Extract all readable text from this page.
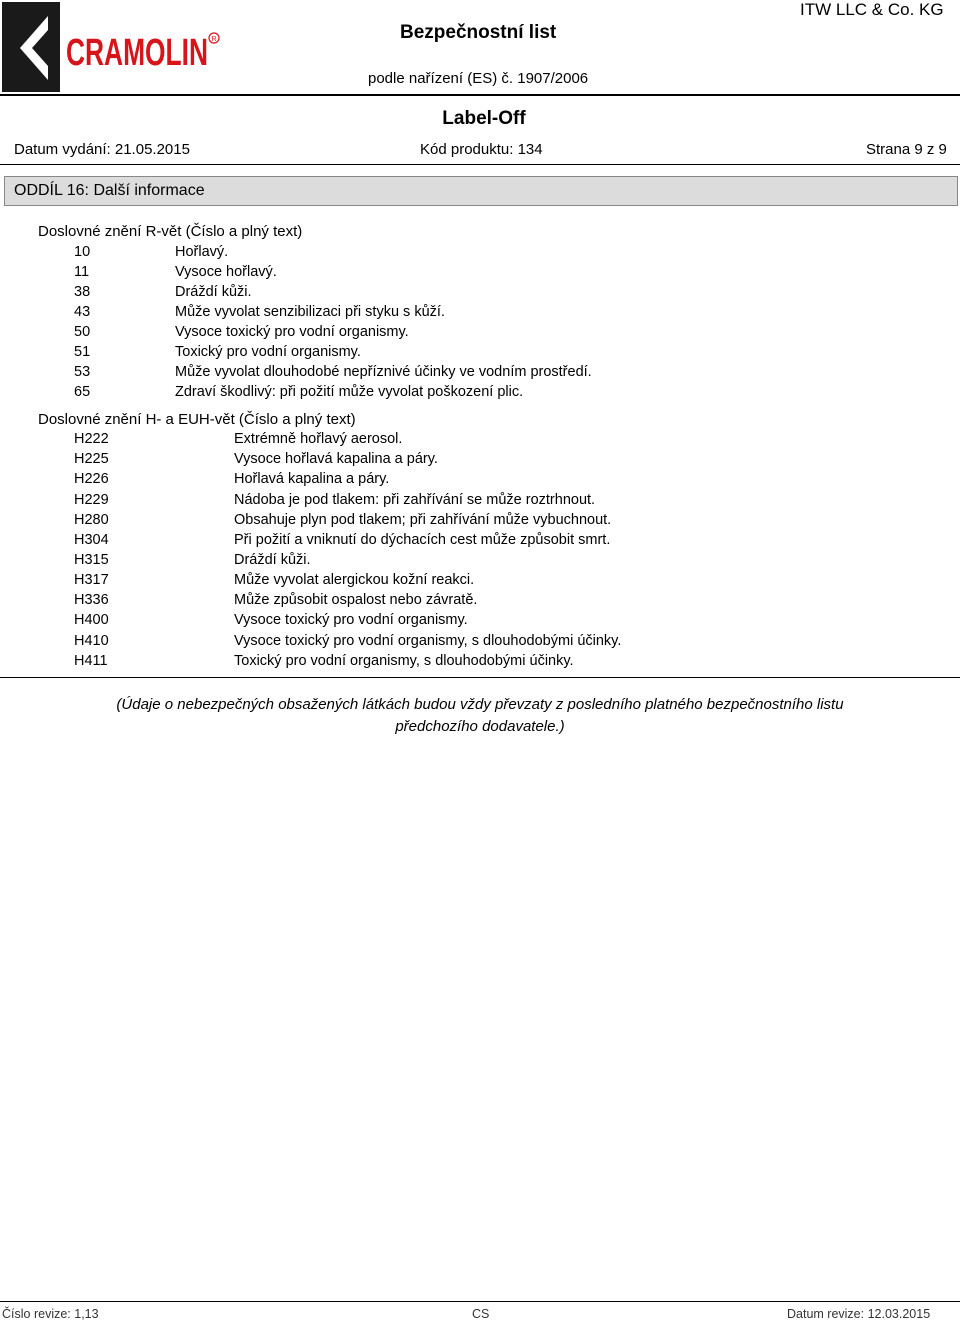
CRAMOLIN R	Bezpečnostní list
ITW LLC & Co. KG
podle nařízení (ES) č. 1907/2006
Label-Off
Datum vydání: 21.05.2015	Kód produktu: 134	Strana 9 z 9
ODDÍL 16: Další informace
Doslovné znění R-vět (Číslo a plný text)
10	Hořlavý.
11	Vysoce hořlavý.
38	Dráždí kůži.
43	Může vyvolat senzibilizaci při styku s kůží.
50	Vysoce toxický pro vodní organismy.
51	Toxický pro vodní organismy.
53	Může vyvolat dlouhodobé nepříznivé účinky ve vodním prostředí.
65	Zdraví škodlivý: při požití může vyvolat poškození plic.
Doslovné znění H- a EUH-vět (Číslo a plný text)
H222	Extrémně hořlavý aerosol.
H225	Vysoce hořlavá kapalina a páry.
H226	Hořlavá kapalina a páry.
H229	Nádoba je pod tlakem: při zahřívání se může roztrhnout.
H280	Obsahuje plyn pod tlakem; při zahřívání může vybuchnout.
H304	Při požití a vniknutí do dýchacích cest může způsobit smrt.
H315	Dráždí kůži.
H317	Může vyvolat alergickou kožní reakci.
H336	Může způsobit ospalost nebo závratě.
H400	Vysoce toxický pro vodní organismy.
H410	Vysoce toxický pro vodní organismy, s dlouhodobými účinky.
H411	Toxický pro vodní organismy, s dlouhodobými účinky.
(Údaje o nebezpečných obsažených látkách budou vždy převzaty z posledního platného bezpečnostního listu
předchozího dodavatele.)
Číslo revize: 1,13	CS	Datum revize: 12.03.2015
